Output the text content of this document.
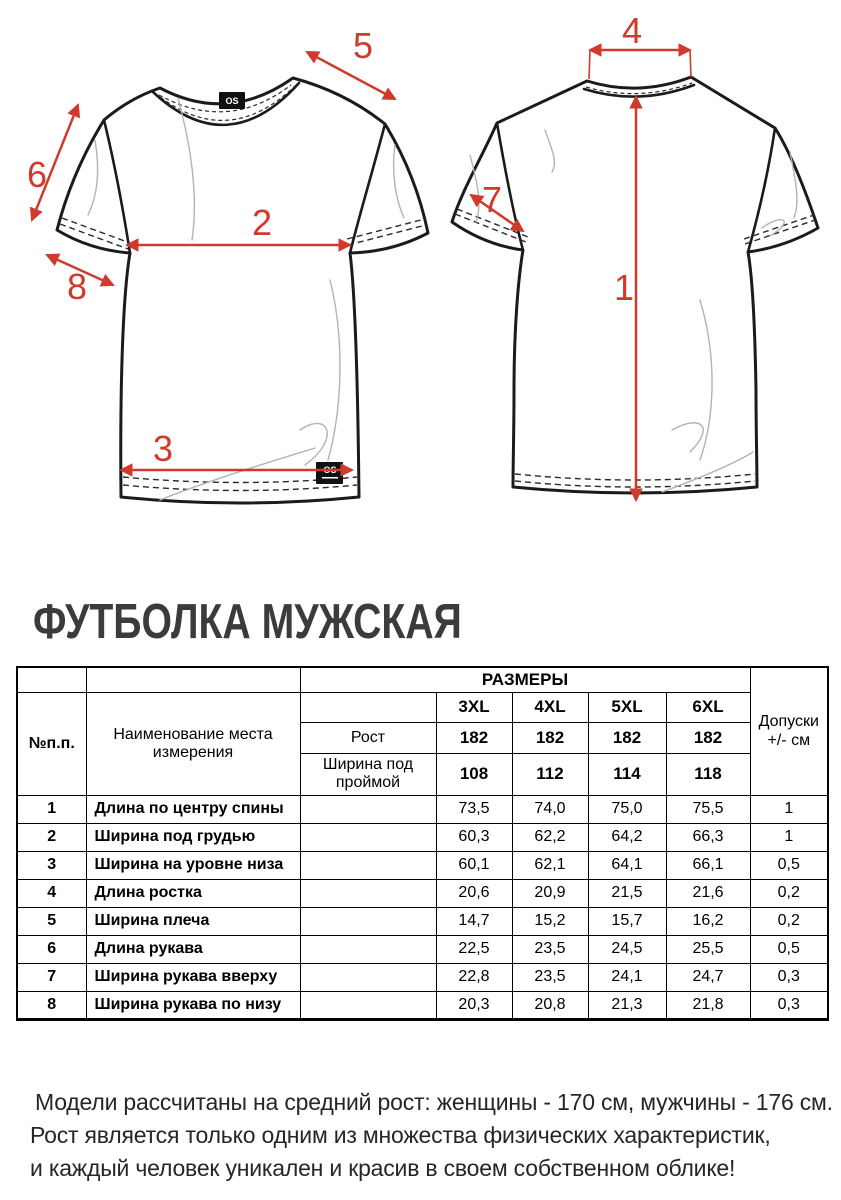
OS
OS
5
6
8
2
3
4
1
7
ФУТБОЛКА МУЖСКАЯ
		РАЗМЕРЫ					Допуски
+/- см

№п.п.	Наименование места измерения		3XL	4XL	5XL	6XL	
		Рост	182	182	182	182	
		Ширина под проймой	108	112	114	118	
1	Длина по центру спины		73,5	74,0	75,0	75,5	1
2	Ширина под грудью		60,3	62,2	64,2	66,3	1
3	Ширина на уровне низа		60,1	62,1	64,1	66,1	0,5
4	Длина ростка		20,6	20,9	21,5	21,6	0,2
5	Ширина плеча		14,7	15,2	15,7	16,2	0,2
6	Длина рукава		22,5	23,5	24,5	25,5	0,5
7	Ширина рукава вверху		22,8	23,5	24,1	24,7	0,3
8	Ширина рукава по низу		20,3	20,8	21,3	21,8	0,3
Модели рассчитаны на средний рост: женщины - 170 см, мужчины - 176 см.
Рост является только одним из множества физических характеристик,
и каждый человек уникален и красив в своем собственном облике!
